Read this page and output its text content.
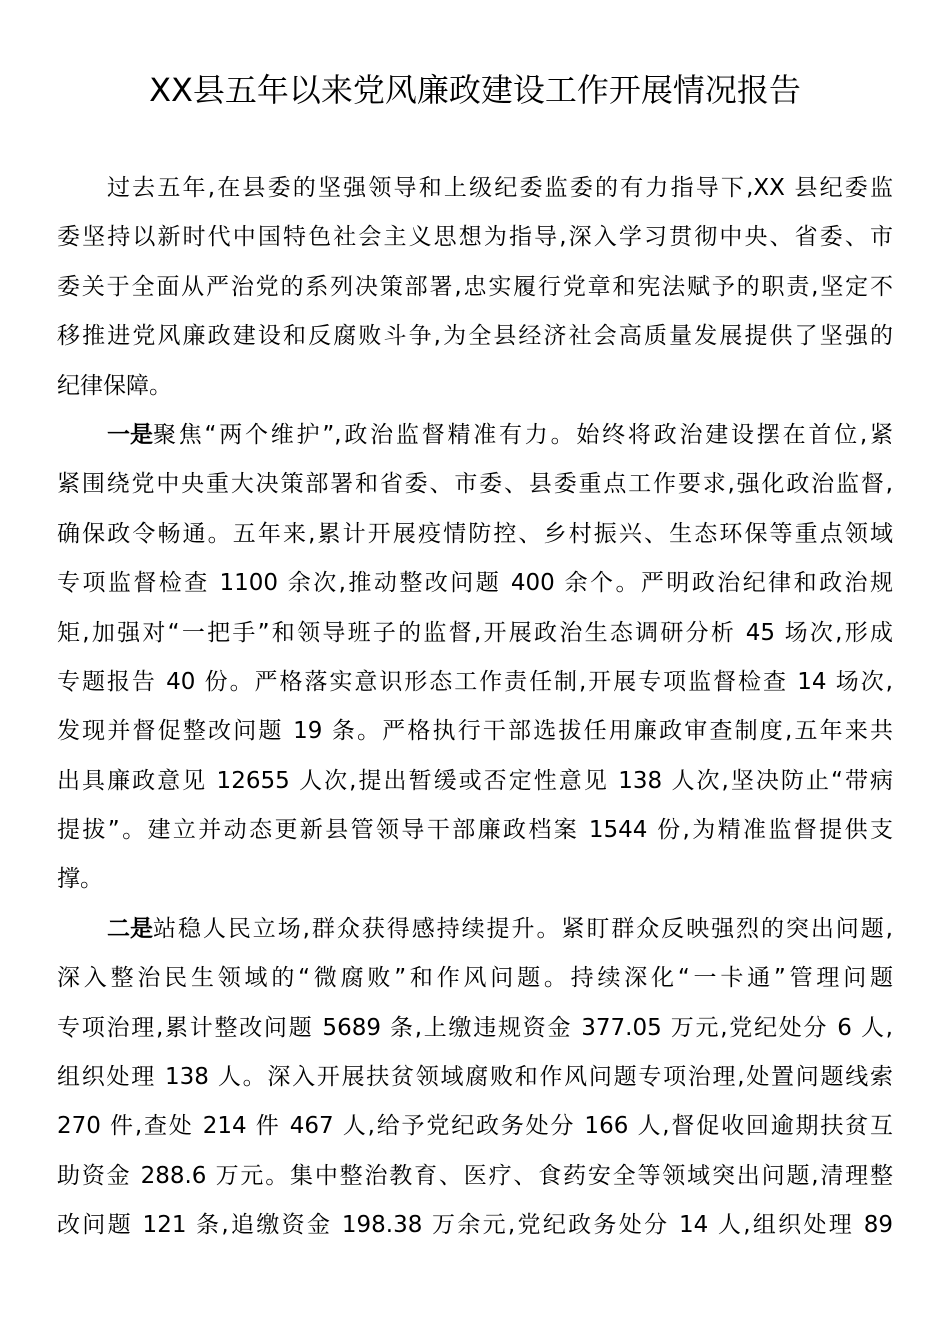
XX县五年以来党风廉政建设工作开展情况报告
过去五年,在县委的坚强领导和上级纪委监委的有力指导下,XX 县纪委监
委坚持以新时代中国特色社会主义思想为指导,深入学习贯彻中央、省委、市
委关于全面从严治党的系列决策部署,忠实履行党章和宪法赋予的职责,坚定不
移推进党风廉政建设和反腐败斗争,为全县经济社会高质量发展提供了坚强的
纪律保障。
一是 聚焦“两个维护”,政治监督精准有力。始终将政治建设摆在首位,紧
紧围绕党中央重大决策部署和省委、市委、县委重点工作要求,强化政治监督,
确保政令畅通。五年来,累计开展疫情防控、乡村振兴、生态环保等重点领域
专项监督检查 1100 余次,推动整改问题 400 余个。严明政治纪律和政治规
矩,加强对“一把手”和领导班子的监督,开展政治生态调研分析 45 场次,形成
专题报告 40 份。严格落实意识形态工作责任制,开展专项监督检查 14 场次,
发现并督促整改问题 19 条。严格执行干部选拔任用廉政审查制度,五年来共
出具廉政意见 12655 人次,提出暂缓或否定性意见 138 人次,坚决防止“带病
提拔”。建立并动态更新县管领导干部廉政档案 1544 份,为精准监督提供支
撑。
二是 站稳人民立场,群众获得感持续提升。紧盯群众反映强烈的突出问题,
深入整治民生领域的“微腐败”和作风问题。持续深化“一卡通”管理问题
专项治理,累计整改问题 5689 条,上缴违规资金 377.05 万元,党纪处分 6 人,
组织处理 138 人。深入开展扶贫领域腐败和作风问题专项治理,处置问题线索
270 件,查处 214 件 467 人,给予党纪政务处分 166 人,督促收回逾期扶贫互
助资金 288.6 万元。集中整治教育、医疗、食药安全等领域突出问题,清理整
改问题 121 条,追缴资金 198.38 万余元,党纪政务处分 14 人,组织处理 89
